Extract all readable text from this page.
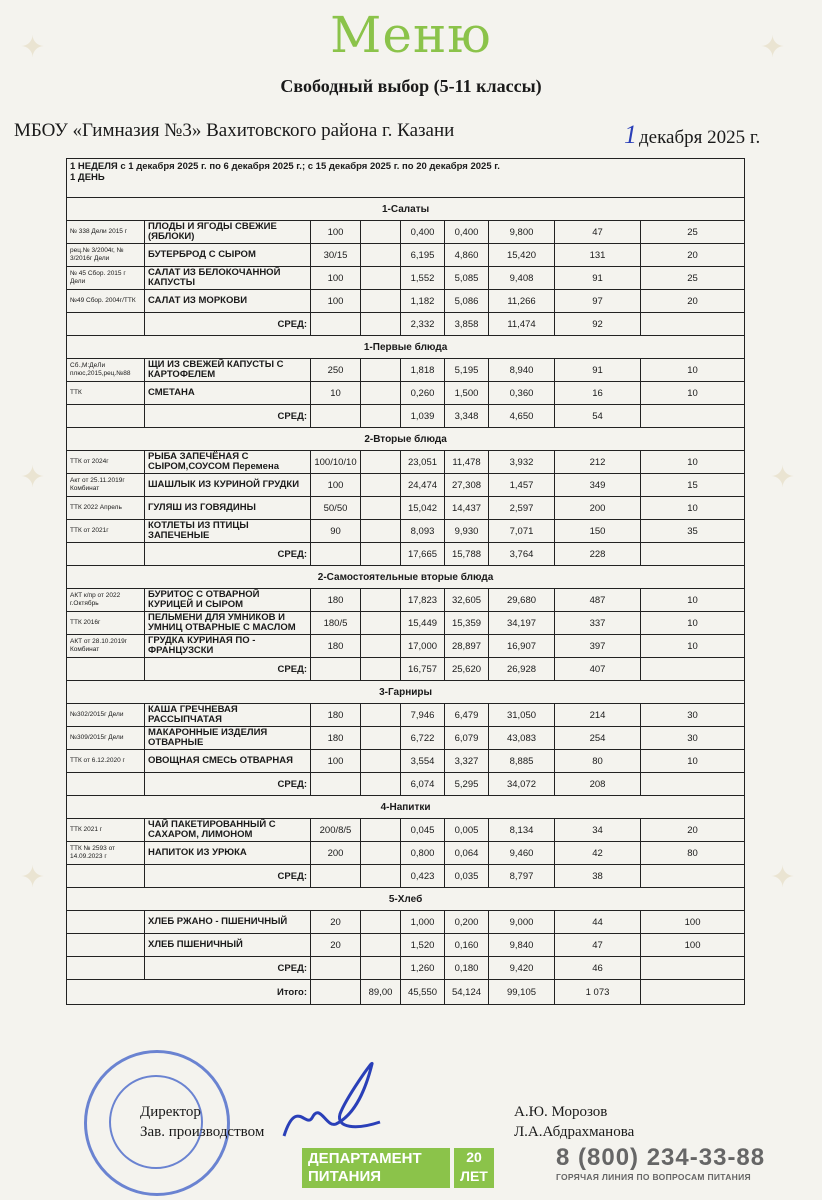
✦	✦
✦	✦
✦	✦
Меню
Свободный выбор (5-11 классы)
МБОУ «Гимназия №3» Вахитовского района г. Казани	1 декабря 2025 г.
1 НЕДЕЛЯ с 1 декабря 2025 г. по 6 декабря 2025 г.; с 15 декабря 2025 г. по 20 декабря 2025 г.
1 ДЕНЬ								

1-Салаты								
№ 338 Дели 2015 г	ПЛОДЫ И ЯГОДЫ СВЕЖИЕ (ЯБЛОКИ)	100		0,400	0,400	9,800	47	25
рец.№ 3/2004г, № 3/2016г Дели	БУТЕРБРОД С СЫРОМ	30/15		6,195	4,860	15,420	131	20
№ 45 Сбор. 2015 г Дели	САЛАТ ИЗ БЕЛОКОЧАННОЙ КАПУСТЫ	100		1,552	5,085	9,408	91	25
№49 Сбор. 2004г/ТТК	САЛАТ ИЗ МОРКОВИ	100		1,182	5,086	11,266	97	20
	СРЕД:			2,332	3,858	11,474	92	
1-Первые блюда								
Сб.,М:ДеЛи плюс,2015,рец.№88	ЩИ ИЗ СВЕЖЕЙ КАПУСТЫ С КАРТОФЕЛЕМ	250		1,818	5,195	8,940	91	10
ТТК	СМЕТАНА	10		0,260	1,500	0,360	16	10
	СРЕД:			1,039	3,348	4,650	54	
2-Вторые блюда								
ТТК от 2024г	РЫБА ЗАПЕЧЁНАЯ С СЫРОМ,СОУСОМ Перемена	100/10/10		23,051	11,478	3,932	212	10
Акт от 25.11.2019г Комбинат	ШАШЛЫК ИЗ КУРИНОЙ ГРУДКИ	100		24,474	27,308	1,457	349	15
ТТК 2022 Апрель	ГУЛЯШ ИЗ ГОВЯДИНЫ	50/50		15,042	14,437	2,597	200	10
ТТК от 2021г	КОТЛЕТЫ ИЗ ПТИЦЫ ЗАПЕЧЕНЫЕ	90		8,093	9,930	7,071	150	35
	СРЕД:			17,665	15,788	3,764	228	
2-Самостоятельные вторые блюда								
АКТ к/пр от 2022 г.Октябрь	БУРИТОС С ОТВАРНОЙ КУРИЦЕЙ И СЫРОМ	180		17,823	32,605	29,680	487	10
ТТК 2016г	ПЕЛЬМЕНИ ДЛЯ УМНИКОВ И УМНИЦ ОТВАРНЫЕ С МАСЛОМ	180/5		15,449	15,359	34,197	337	10
АКТ от 28.10.2019г Комбинат	ГРУДКА КУРИНАЯ ПО - ФРАНЦУЗСКИ	180		17,000	28,897	16,907	397	10
	СРЕД:			16,757	25,620	26,928	407	
3-Гарниры								
№302/2015г Дели	КАША ГРЕЧНЕВАЯ РАССЫПЧАТАЯ	180		7,946	6,479	31,050	214	30
№309/2015г Дели	МАКАРОННЫЕ ИЗДЕЛИЯ ОТВАРНЫЕ	180		6,722	6,079	43,083	254	30
ТТК от 6.12.2020 г	ОВОЩНАЯ СМЕСЬ ОТВАРНАЯ	100		3,554	3,327	8,885	80	10
	СРЕД:			6,074	5,295	34,072	208	
4-Напитки								
ТТК 2021 г	ЧАЙ ПАКЕТИРОВАННЫЙ С САХАРОМ, ЛИМОНОМ	200/8/5		0,045	0,005	8,134	34	20
ТТК № 2593 от 14.09.2023 г	НАПИТОК ИЗ УРЮКА	200		0,800	0,064	9,460	42	80
	СРЕД:			0,423	0,035	8,797	38	
5-Хлеб								
	ХЛЕБ РЖАНО - ПШЕНИЧНЫЙ	20		1,000	0,200	9,000	44	100
	ХЛЕБ ПШЕНИЧНЫЙ	20		1,520	0,160	9,840	47	100
	СРЕД:			1,260	0,180	9,420	46	
Итого:			89,00	45,550	54,124	99,105	1 073	
Директор
Зав. производством
А.Ю. Морозов
Л.А.Абдрахманова
ДЕПАРТАМЕНТ
ПИТАНИЯ
20
ЛЕТ
8 (800) 234-33-88
ГОРЯЧАЯ ЛИНИЯ ПО ВОПРОСАМ ПИТАНИЯ
